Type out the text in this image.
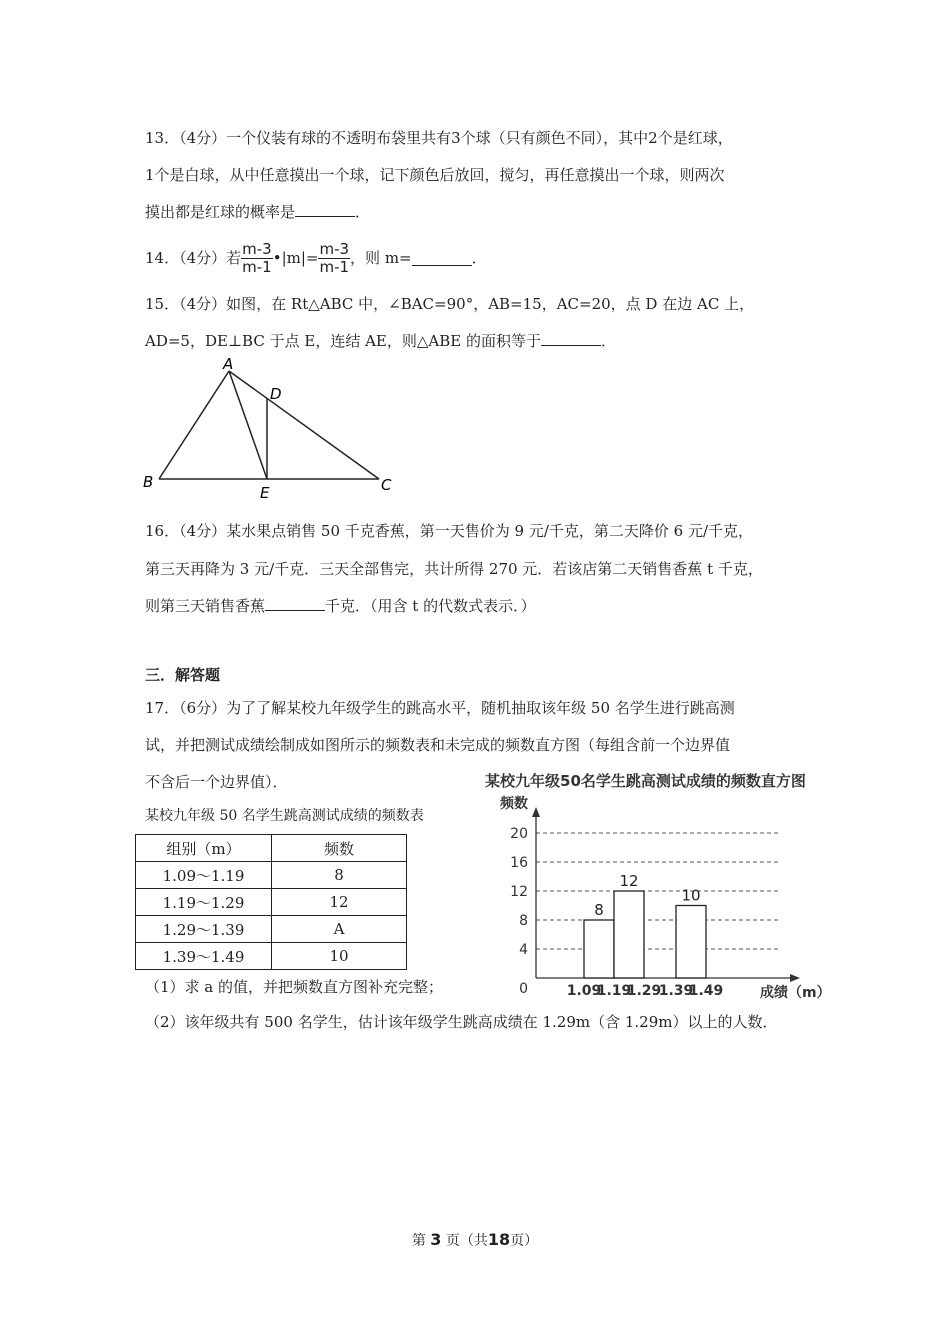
13．（4分）一个仪装有球的不透明布袋里共有3个球（只有颜色不同），其中2个是红球，
1个是白球，从中任意摸出一个球，记下颜色后放回，搅匀，再任意摸出一个球，则两次
摸出都是红球的概率是	．
14．（4分）若 $\frac{m-3}{m-1}$ •|m|= $\frac{m-3}{m-1}$ ，则 m=	．
15．（4分）如图，在 Rt△ABC 中，∠BAC=90°，AB=15，AC=20，点 D 在边 AC 上，
AD=5，DE⊥BC 于点 E，连结 AE，则△ABE 的面积等于	．
A
B	C
D
E
16．（4分）某水果点销售 50 千克香蕉，第一天售价为 9 元/千克，第二天降价 6 元/千克，
第三天再降为 3 元/千克．三天全部售完，共计所得 270 元．若该店第二天销售香蕉 t 千克，
则第三天销售香蕉	千克．（用含 t 的代数式表示．）
三．解答题
17．（6分）为了了解某校九年级学生的跳高水平，随机抽取该年级 50 名学生进行跳高测
试，并把测试成绩绘制成如图所示的频数表和未完成的频数直方图（每组含前一个边界值
不含后一个边界值）．
某校九年级 50 名学生跳高测试成绩的频数表
组别（m）	频数
1.09～1.19	8
1.19～1.29	12
1.29～1.39	A
1.39～1.49	10
（1）求 a 的值，并把频数直方图补充完整；
（2）该年级共有 500 名学生，估计该年级学生跳高成绩在 1.29m（含 1.29m）以上的人数．
某校九年级50名学生跳高测试成绩的频数直方图
频数
成绩（m）
0
4
8
12
16
20
1.09
1.19
1.29
1.39
1.49
8
12
10
第 3 页（共18页）
